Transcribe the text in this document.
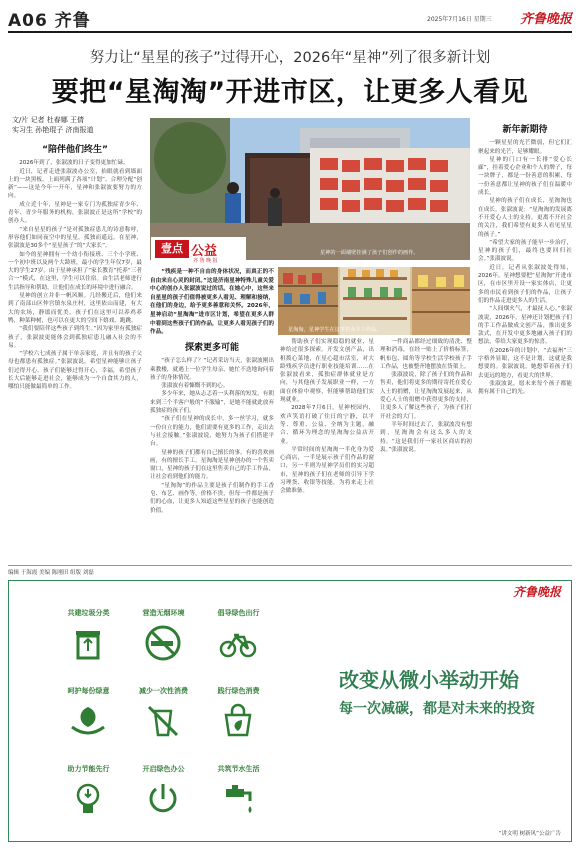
A06 齐鲁	2025年7月16日 星期三 齐鲁晚报
努力让“星星的孩子”过得开心，2026年“星神”列了很多新计划
要把“星淘淘”开进市区，让更多人看见
文/片 记者 杜春娜 王倩
实习生 孙艳琨子 济南报道
“陪伴他们终生”

2026年到了，张淑波的日子变得更加忙碌。

近日，记者走进张淑波办公室，抬眼就看到墙面上的一块黑板，上面列满了各项“计划”。合理分配“创新”——这是今年一开年，星神和张淑波要努力的方向。

成立近十年，星神是一家专门为孤独症青少年、青年、青少年服务的机构，张淑波正是这所“学校”的创办人。

“来自星星的孩子”是对孤独症患儿的诗意称呼，形容他们如同夜空中的星星，孤独而遥远。在星神，张淑波是30多个“星星孩子”的“大家长”。

如今的星神拥有一个幼小衔接班、三个小学班、一个初中班以及两个大龄班，最小的学生年仅7岁，最大的学生27岁。由于星神承担了“家长教育”托养“三者合一”模式，在这里，学生可以住宿。由生活老师进行生活指导和帮助，让他们在成长的环境中进行融合。

星神的创立并非一帆风顺。几经搬迁后，他们来到了南部山区仲宫镇东泉庄村，这里依山而建，有大大的农场，静谧而优美。孩子们在这里可以养鸡养鸭，种菜种树，也可以在更大的空间下嬉戏、跑跳。

“我们要陪伴这些孩子到终生。”因为家里有孤独症孩子，张淑波更能体会到孤独症患儿融入社会的不易。

“学校六七成孩子属于单亲家庭，并且有的孩子父母也都患有孤独症。”张淑波说，希望星神能够让孩子们过得开心，孩子们能够过得开心，幸福，希望孩子长大后能够走进社会，能够成为一个自食其力的人，哪怕只能做最简单的工作。

星神的一面墙壁挂满了孩子们创作的画作。
壹点 公益
齐 鲁 晚 报

“残疾是一种不自由的身体状况，而真正的不自由来自心灵的封闭。”这是济南星神特殊儿童关爱中心的创办人张淑波说过的话。在她心中，这些来自星星的孩子们值得被更多人看见、理解和接纳，在他们的身边，给予更多善意和关怀。2026年，星神启动“星淘淘”进市区计划，希望在更多人群中看到这些孩子们的作品，让更多人看见孩子们的作品。	星淘淘，星神学生在这里售卖手工作品。
探索更多可能

“孩子怎么样了？”记者采访当天，张淑波刚出乘教楼，就遇上一位学生母亲，她忙不迭地询问着孩子的身体情况。

张淑波有着慷慨不到的心。

多少年来，她从忐忑着一头利落的短发，有朝来到三个半客户般的“不服输”，是她不能就此放弃孤独症的孩子们。

“孩子们在星神的成长中，多一丝学习，就多一份自立的能力，他们需要有更多的工作，走出去与社会接触。”张淑波说，她努力为孩子们搭建平台。

星神的孩子们都有自己擅长的事，有的喜欢画画，有的擅长手工。星淘淘是星神创办的一个售卖窗口，星神的孩子们在这里售卖自己的手工作品，让社会看到他们的能力。

“星淘淘”的作品主要是孩子们制作的手工香皂、布艺、画作等，价格不贵，但每一件都是孩子们的心血，让更多人知道这些星星的孩子也能创造价值。

帮助孩子们实现稳稳的就业，星神给过很多探索。开发文创产品，出租拨心菜地，在星心超市活室，对大龄残疾学员进行职业技能培训……在张淑波看来，孤独症群体就业是方向，与其他孩子发展职业一样，一方面在体验中观察，但能够帮助他们实现就业。

2028年7月6日，星神校园内，欢声笑语打破了往日的宁静，以平等、尊重、公益、全纳为主题，融合、循环为理念的星淘淘公益店开业。

平常时间的星淘淘一半化身为爱心商店，一半是展示孩子们作品的窗口，另一半则为星神学员们的实习超市，星神的孩子们在老师的引导下学习理货、收银等技能，为将来走上社会做准备。

一件商品都经过细致的清洗、整理和消毒，在经一贴上了价格标签，帆布包、圆角等学校生活学校孩子手工作品，也被整齐地摆放在货架上。

张淑波说，除了孩子们的作品和售卖，他们将更多的期待寄托在爱心人士的捐赠，让星淘淘发展起来，从爱心人士的捐赠中获得更多的支持，让更多人了解这些孩子，为孩子们打开社会的大门。

半年时间过去了，张淑波没有想到，星淘淘会有这么多人的支持。“这是我们开一家社区商店的初衷。”张淑波说。

新年新期待

一颗星星的光芒微弱，但它们汇聚起来的光芒，足够耀眼。

星神的门口有一长排“爱心长廊”，挂着爱心企业和个人的牌子，每一块牌子，都是一份善意的积累，每一份善意都让星神的孩子们在温暖中成长。

星神的孩子们在成长，星淘淘也在成长。张淑波说：“星淘淘的发展离不开爱心人士的支持，更离不开社会的关注，我们希望有更多人看见星星的孩子。”

“希望大家的孩子能早一步治疗，星神的孩子们，最终也要回归社会。”张淑波说。

近日，记者从张淑波处得知，2026年，星神想要把“星淘淘”开进市区，在市区里开设一家实体店，让更多的市民看到孩子们的作品，让孩子们的作品走进更多人的生活。

“人间烟火气，才最抚人心。”张淑波说，2026年，星神还计划把孩子们的手工作品做成文创产品，推出更多款式，在开发中更多地融入孩子们的想法，带给大家更多的惊喜。

在2026年的计划中，“去福州”三字格外显眼，这不是计划，这就是我想要的。张淑波说，她想带着孩子们去更远的地方，看更大的世界。

张淑波说，愿未来每个孩子都能拥有属于自己的光。

编辑 于海霞 美编 陈刚田 组版 刘磊
齐鲁晚报
共建垃圾分类	营造无烟环境	倡导绿色出行
呵护每份绿意	减少一次性消费	践行绿色消费
助力节能先行	开启绿色办公	共筑节水生活
改变从微小举动开始
每一次减碳，都是对未来的投资
“讲文明 树新风”公益广告
